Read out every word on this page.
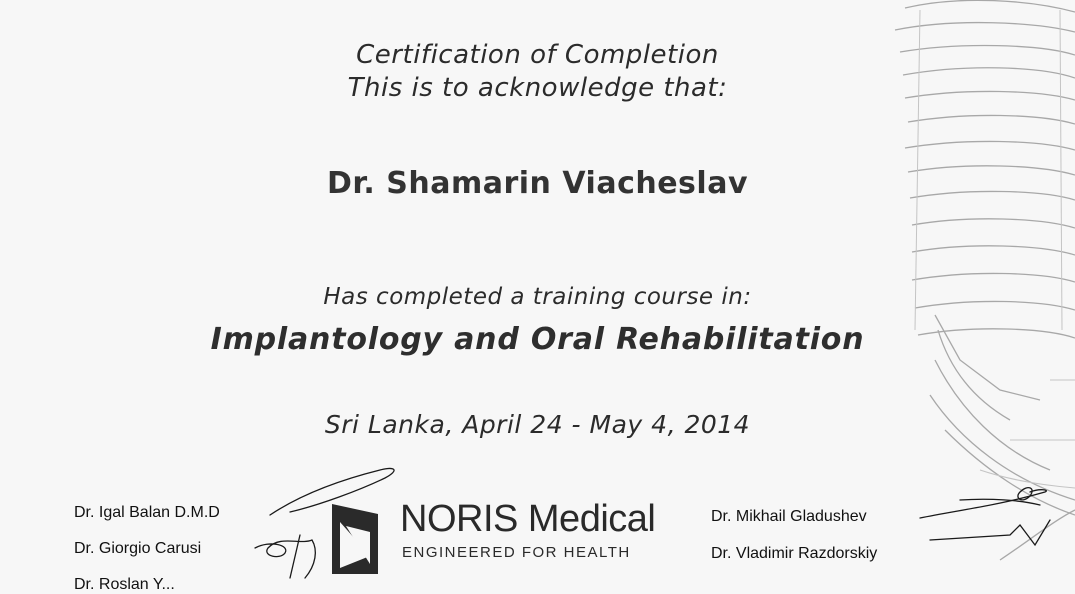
Certification of Completion
This is to acknowledge that:
Dr. Shamarin Viacheslav
Has completed a training course in:
Implantology and Oral Rehabilitation
Sri Lanka, April 24 - May 4, 2014
Dr. Igal Balan D.M.D
Dr. Giorgio Carusi
Dr. Roslan Y...
Dr. Mikhail Gladushev
Dr. Vladimir Razdorskiy
NORIS Medical
ENGINEERED FOR HEALTH
